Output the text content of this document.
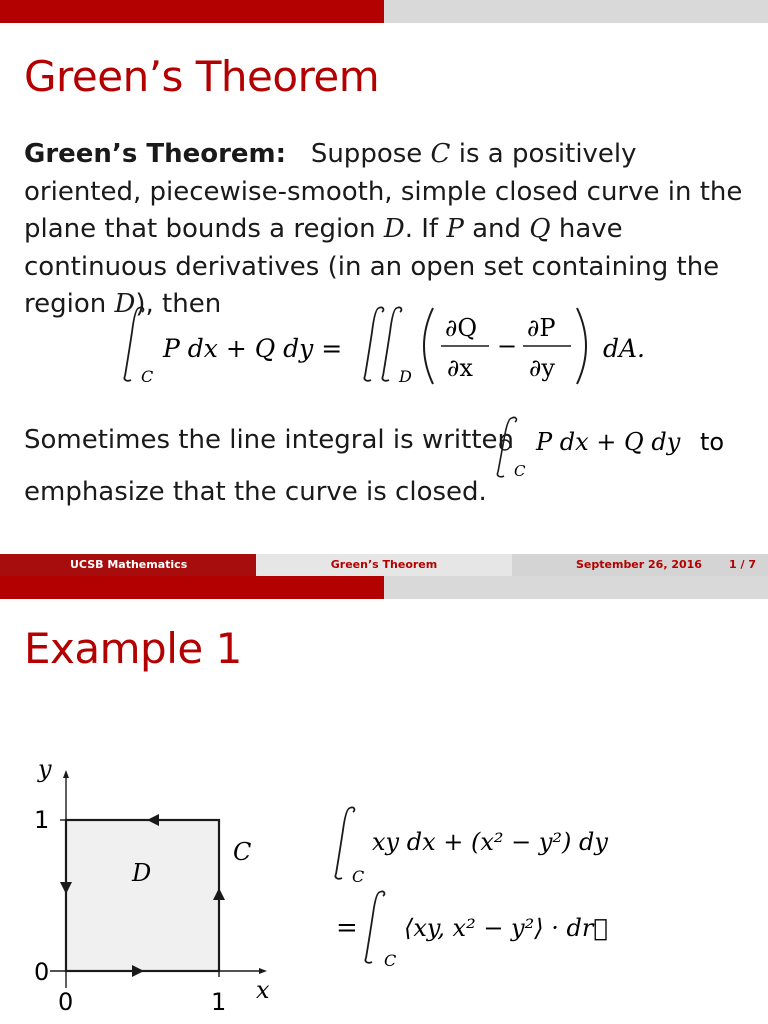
Green’s Theorem
Green’s Theorem: Suppose C is a positively oriented, piecewise-smooth, simple closed curve in the plane that bounds a region D. If P and Q have continuous derivatives (in an open set containing the region D), then
C
P dx + Q dy =
D
∂Q
∂x
−
∂P
∂y
dA.
Sometimes the line integral is written
C
P dx + Q dy to
emphasize that the curve is closed.
UCSB Mathematics	Green’s Theorem	September 26, 2016 1 / 7
Example 1
y
x
1
0
0	1
C
D	C
xy dx + (x² − y²) dy
=
C
⟨xy, x² − y²⟩ · dr⃗
